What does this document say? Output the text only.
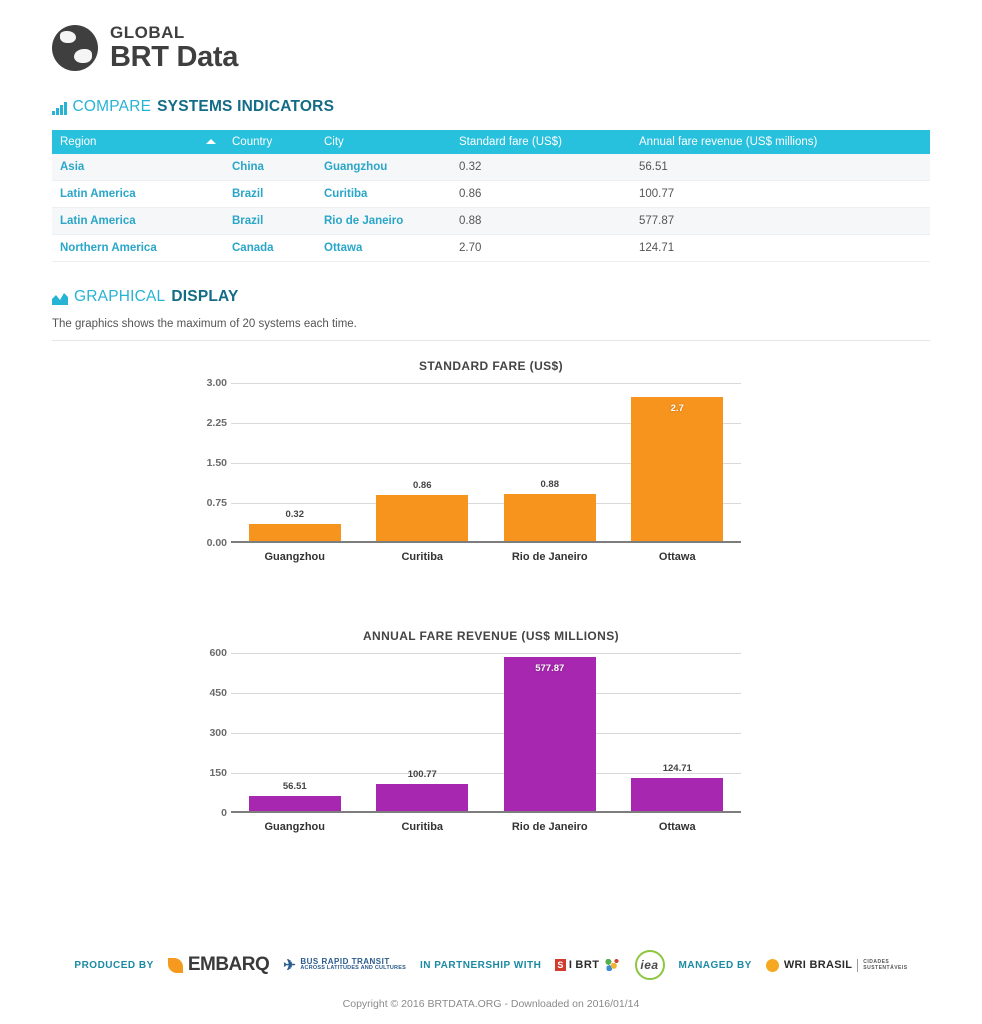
GLOBAL
BRT Data
COMPARE SYSTEMS INDICATORS
Region	Country	City	Standard fare (US$)	Annual fare revenue (US$ millions)
Asia	China	Guangzhou	0.32	56.51
Latin America	Brazil	Curitiba	0.86	100.77
Latin America	Brazil	Rio de Janeiro	0.88	577.87
Northern America	Canada	Ottawa	2.70	124.71
GRAPHICAL DISPLAY
The graphics shows the maximum of 20 systems each time.
STANDARD FARE (US$)
3.00
2.25
1.50
0.75
0.00
0.32
0.86	0.88
2.7
Guangzhou	Curitiba	Rio de Janeiro	Ottawa
ANNUAL FARE REVENUE (US$ MILLIONS)
600
450
300
150
0
56.51
100.77
577.87
124.71
Guangzhou	Curitiba	Rio de Janeiro	Ottawa
PRODUCED BY EMBARQ ✈ BUS RAPID TRANSIT
ACROSS LATITUDES AND CULTURES IN PARTNERSHIP WITH S I BRT	iea	MANAGED BY	WRI BRASIL CIDADES
SUSTENTÁVEIS
Copyright © 2016 BRTDATA.ORG - Downloaded on 2016/01/14
